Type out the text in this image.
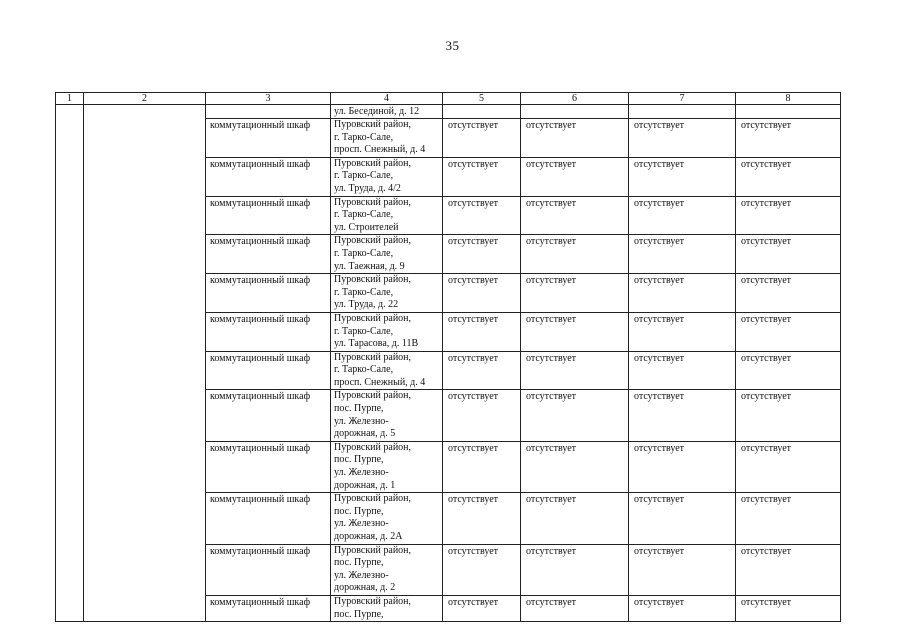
35
1	2	3	4	5	6	7	8
			ул. Бесединой, д. 12				
		коммутационный шкаф	Пуровский район,
г. Тарко-Сале,
просп. Снежный, д. 4	отсутствует	отсутствует	отсутствует	отсутствует
		коммутационный шкаф	Пуровский район,
г. Тарко-Сале,
ул. Труда, д. 4/2	отсутствует	отсутствует	отсутствует	отсутствует
		коммутационный шкаф	Пуровский район,
г. Тарко-Сале,
ул. Строителей	отсутствует	отсутствует	отсутствует	отсутствует
		коммутационный шкаф	Пуровский район,
г. Тарко-Сале,
ул. Таежная, д. 9	отсутствует	отсутствует	отсутствует	отсутствует
		коммутационный шкаф	Пуровский район,
г. Тарко-Сале,
ул. Труда, д. 22	отсутствует	отсутствует	отсутствует	отсутствует
		коммутационный шкаф	Пуровский район,
г. Тарко-Сале,
ул. Тарасова, д. 11В	отсутствует	отсутствует	отсутствует	отсутствует
		коммутационный шкаф	Пуровский район,
г. Тарко-Сале,
просп. Снежный, д. 4	отсутствует	отсутствует	отсутствует	отсутствует
		коммутационный шкаф	Пуровский район,
пос. Пурпе,
ул. Железно-
дорожная, д. 5	отсутствует	отсутствует	отсутствует	отсутствует
		коммутационный шкаф	Пуровский район,
пос. Пурпе,
ул. Железно-
дорожная, д. 1	отсутствует	отсутствует	отсутствует	отсутствует
		коммутационный шкаф	Пуровский район,
пос. Пурпе,
ул. Железно-
дорожная, д. 2А	отсутствует	отсутствует	отсутствует	отсутствует
		коммутационный шкаф	Пуровский район,
пос. Пурпе,
ул. Железно-
дорожная, д. 2	отсутствует	отсутствует	отсутствует	отсутствует
		коммутационный шкаф	Пуровский район,
пос. Пурпе,	отсутствует	отсутствует	отсутствует	отсутствует
